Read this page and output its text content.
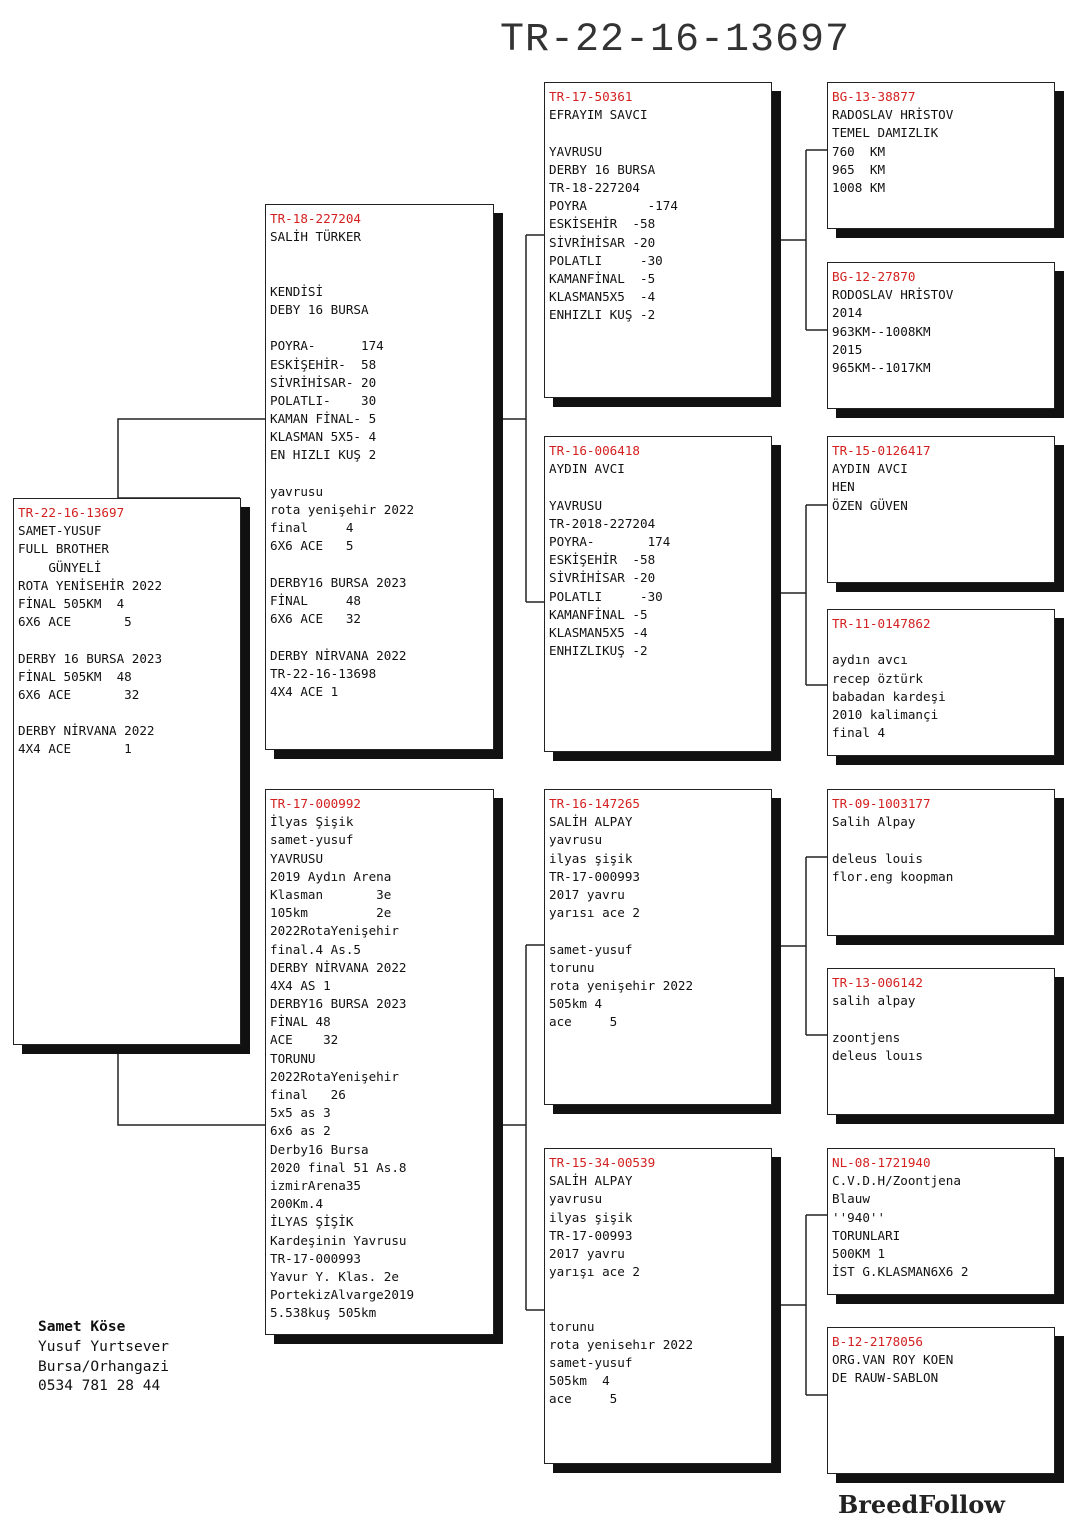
TR-22-16-13697
TR-22-16-13697
SAMET-YUSUF
FULL BROTHER
GÜNYELİ
ROTA YENİSEHİR 2022
FİNAL 505KM  4
6X6 ACE       5
DERBY 16 BURSA 2023
FİNAL 505KM  48
6X6 ACE       32
DERBY NİRVANA 2022
4X4 ACE       1
TR-18-227204
SALİH TÜRKER
KENDİSİ
DEBY 16 BURSA
POYRA-      174
ESKİŞEHİR-  58
SİVRİHİSAR- 20
POLATLI-    30
KAMAN FİNAL- 5
KLASMAN 5X5- 4
EN HIZLI KUŞ 2
yavrusu
rota yenişehir 2022
final     4
6X6 ACE   5
DERBY16 BURSA 2023
FİNAL     48
6X6 ACE   32
DERBY NİRVANA 2022
TR-22-16-13698
4X4 ACE 1
TR-17-000992
İlyas Şişik
samet-yusuf
YAVRUSU
2019 Aydın Arena
Klasman       3e
105km         2e
2022RotaYenişehir
final.4 As.5
DERBY NİRVANA 2022
4X4 AS 1
DERBY16 BURSA 2023
FİNAL 48
ACE    32
TORUNU
2022RotaYenişehir
final   26
5x5 as 3
6x6 as 2
Derby16 Bursa
2020 final 51 As.8
izmirArena35
200Km.4
İLYAS ŞİŞİK
Kardeşinin Yavrusu
TR-17-000993
Yavur Y. Klas. 2e
PortekizAlvarge2019
5.538kuş 505km
TR-17-50361
EFRAYIM SAVCI
YAVRUSU
DERBY 16 BURSA
TR-18-227204
POYRA        -174
ESKİSEHİR  -58
SİVRİHİSAR -20
POLATLI     -30
KAMANFİNAL  -5
KLASMAN5X5  -4
ENHIZLI KUŞ -2
TR-16-006418
AYDIN AVCI
YAVRUSU
TR-2018-227204
POYRA-       174
ESKİŞEHİR  -58
SİVRİHİSAR -20
POLATLI     -30
KAMANFİNAL -5
KLASMAN5X5 -4
ENHIZLIKUŞ -2
TR-16-147265
SALİH ALPAY
yavrusu
ilyas şişik
TR-17-000993
2017 yavru
yarısı ace 2
samet-yusuf
torunu
rota yenişehir 2022
505km 4
ace     5
TR-15-34-00539
SALİH ALPAY
yavrusu
ilyas şişik
TR-17-00993
2017 yavru
yarışı ace 2
torunu
rota yenisehır 2022
samet-yusuf
505km  4
ace     5
BG-13-38877
RADOSLAV HRİSTOV
TEMEL DAMIZLIK
760  KM
965  KM
1008 KM
BG-12-27870
RODOSLAV HRİSTOV
2014
963KM--1008KM
2015
965KM--1017KM
TR-15-0126417
AYDIN AVCI
HEN
ÖZEN GÜVEN
TR-11-0147862
aydın avcı
recep öztürk
babadan kardeşi
2010 kalimançi
final 4
TR-09-1003177
Salih Alpay
deleus louis
flor.eng koopman
TR-13-006142
salih alpay
zoontjens
deleus louıs
NL-08-1721940
C.V.D.H/Zoontjena
Blauw
''940''
TORUNLARI
500KM 1
İST G.KLASMAN6X6 2
B-12-2178056
ORG.VAN ROY KOEN
DE RAUW-SABLON
Samet Köse
Yusuf Yurtsever
Bursa/Orhangazi
0534 781 28 44
BreedFollow
